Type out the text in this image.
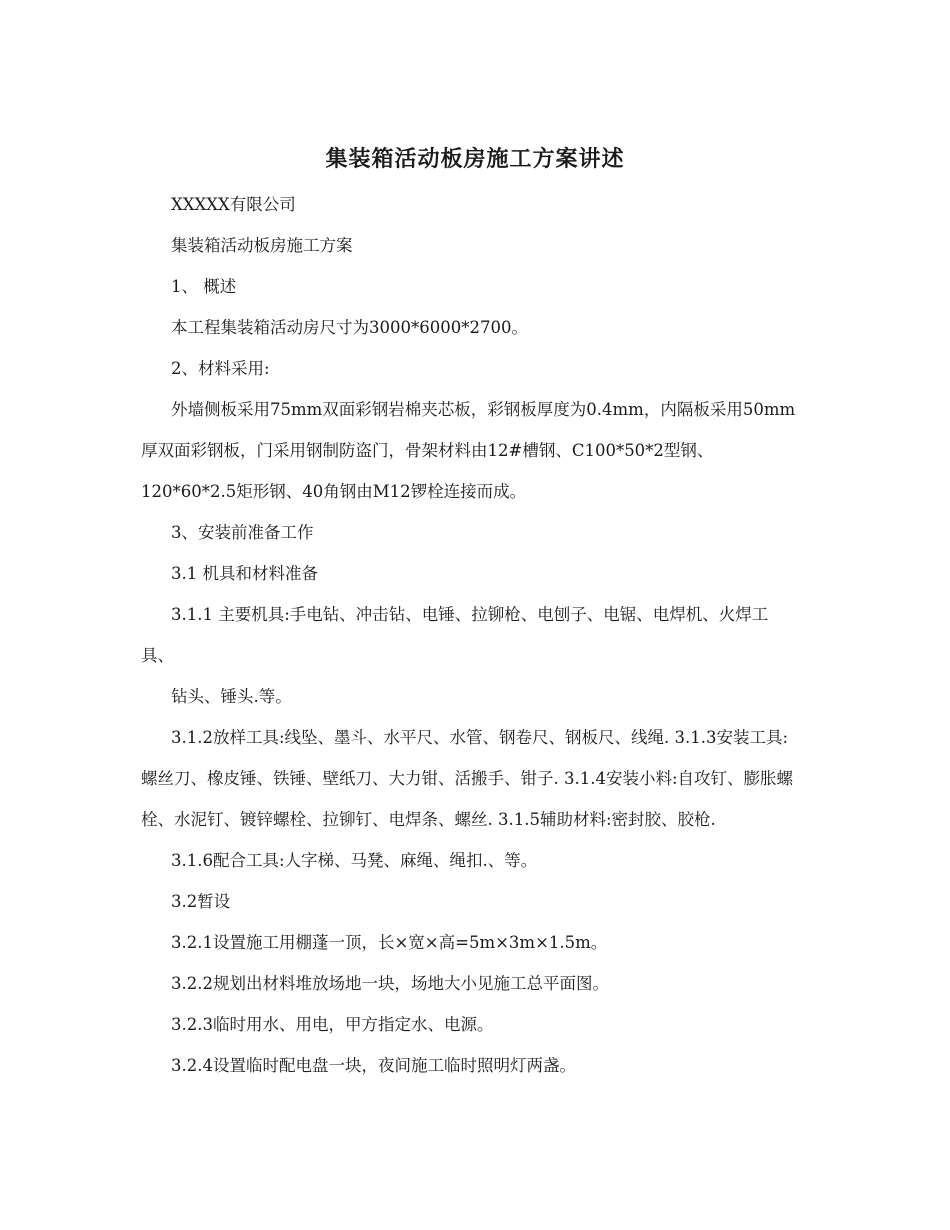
集装箱活动板房施工方案讲述

XXXXX有限公司

集装箱活动板房施工方案

1、 概述

本工程集装箱活动房尺寸为3000*6000*2700。

2、材料采用:

外墙侧板采用75mm双面彩钢岩棉夹芯板，彩钢板厚度为0.4mm，内隔板采用50mm厚双面彩钢板，门采用钢制防盗门，骨架材料由12#槽钢、C100*50*2型钢、120*60*2.5矩形钢、40角钢由M12锣栓连接而成。

3、安装前准备工作

3.1 机具和材料准备

3.1.1 主要机具:手电钻、冲击钻、电锤、拉铆枪、电刨子、电锯、电焊机、火焊工具、

钻头、锤头.等。

3.1.2放样工具:线坠、墨斗、水平尺、水管、钢卷尺、钢板尺、线绳. 3.1.3安装工具:螺丝刀、橡皮锤、铁锤、壁纸刀、大力钳、活搬手、钳子. 3.1.4安装小料:自攻钉、膨胀螺栓、水泥钉、镀锌螺栓、拉铆钉、电焊条、螺丝. 3.1.5辅助材料:密封胶、胶枪.

3.1.6配合工具:人字梯、马凳、麻绳、绳扣.、等。

3.2暂设

3.2.1设置施工用棚蓬一顶，长×宽×高=5m×3m×1.5m。

3.2.2规划出材料堆放场地一块，场地大小见施工总平面图。

3.2.3临时用水、用电，甲方指定水、电源。

3.2.4设置临时配电盘一块，夜间施工临时照明灯两盏。
